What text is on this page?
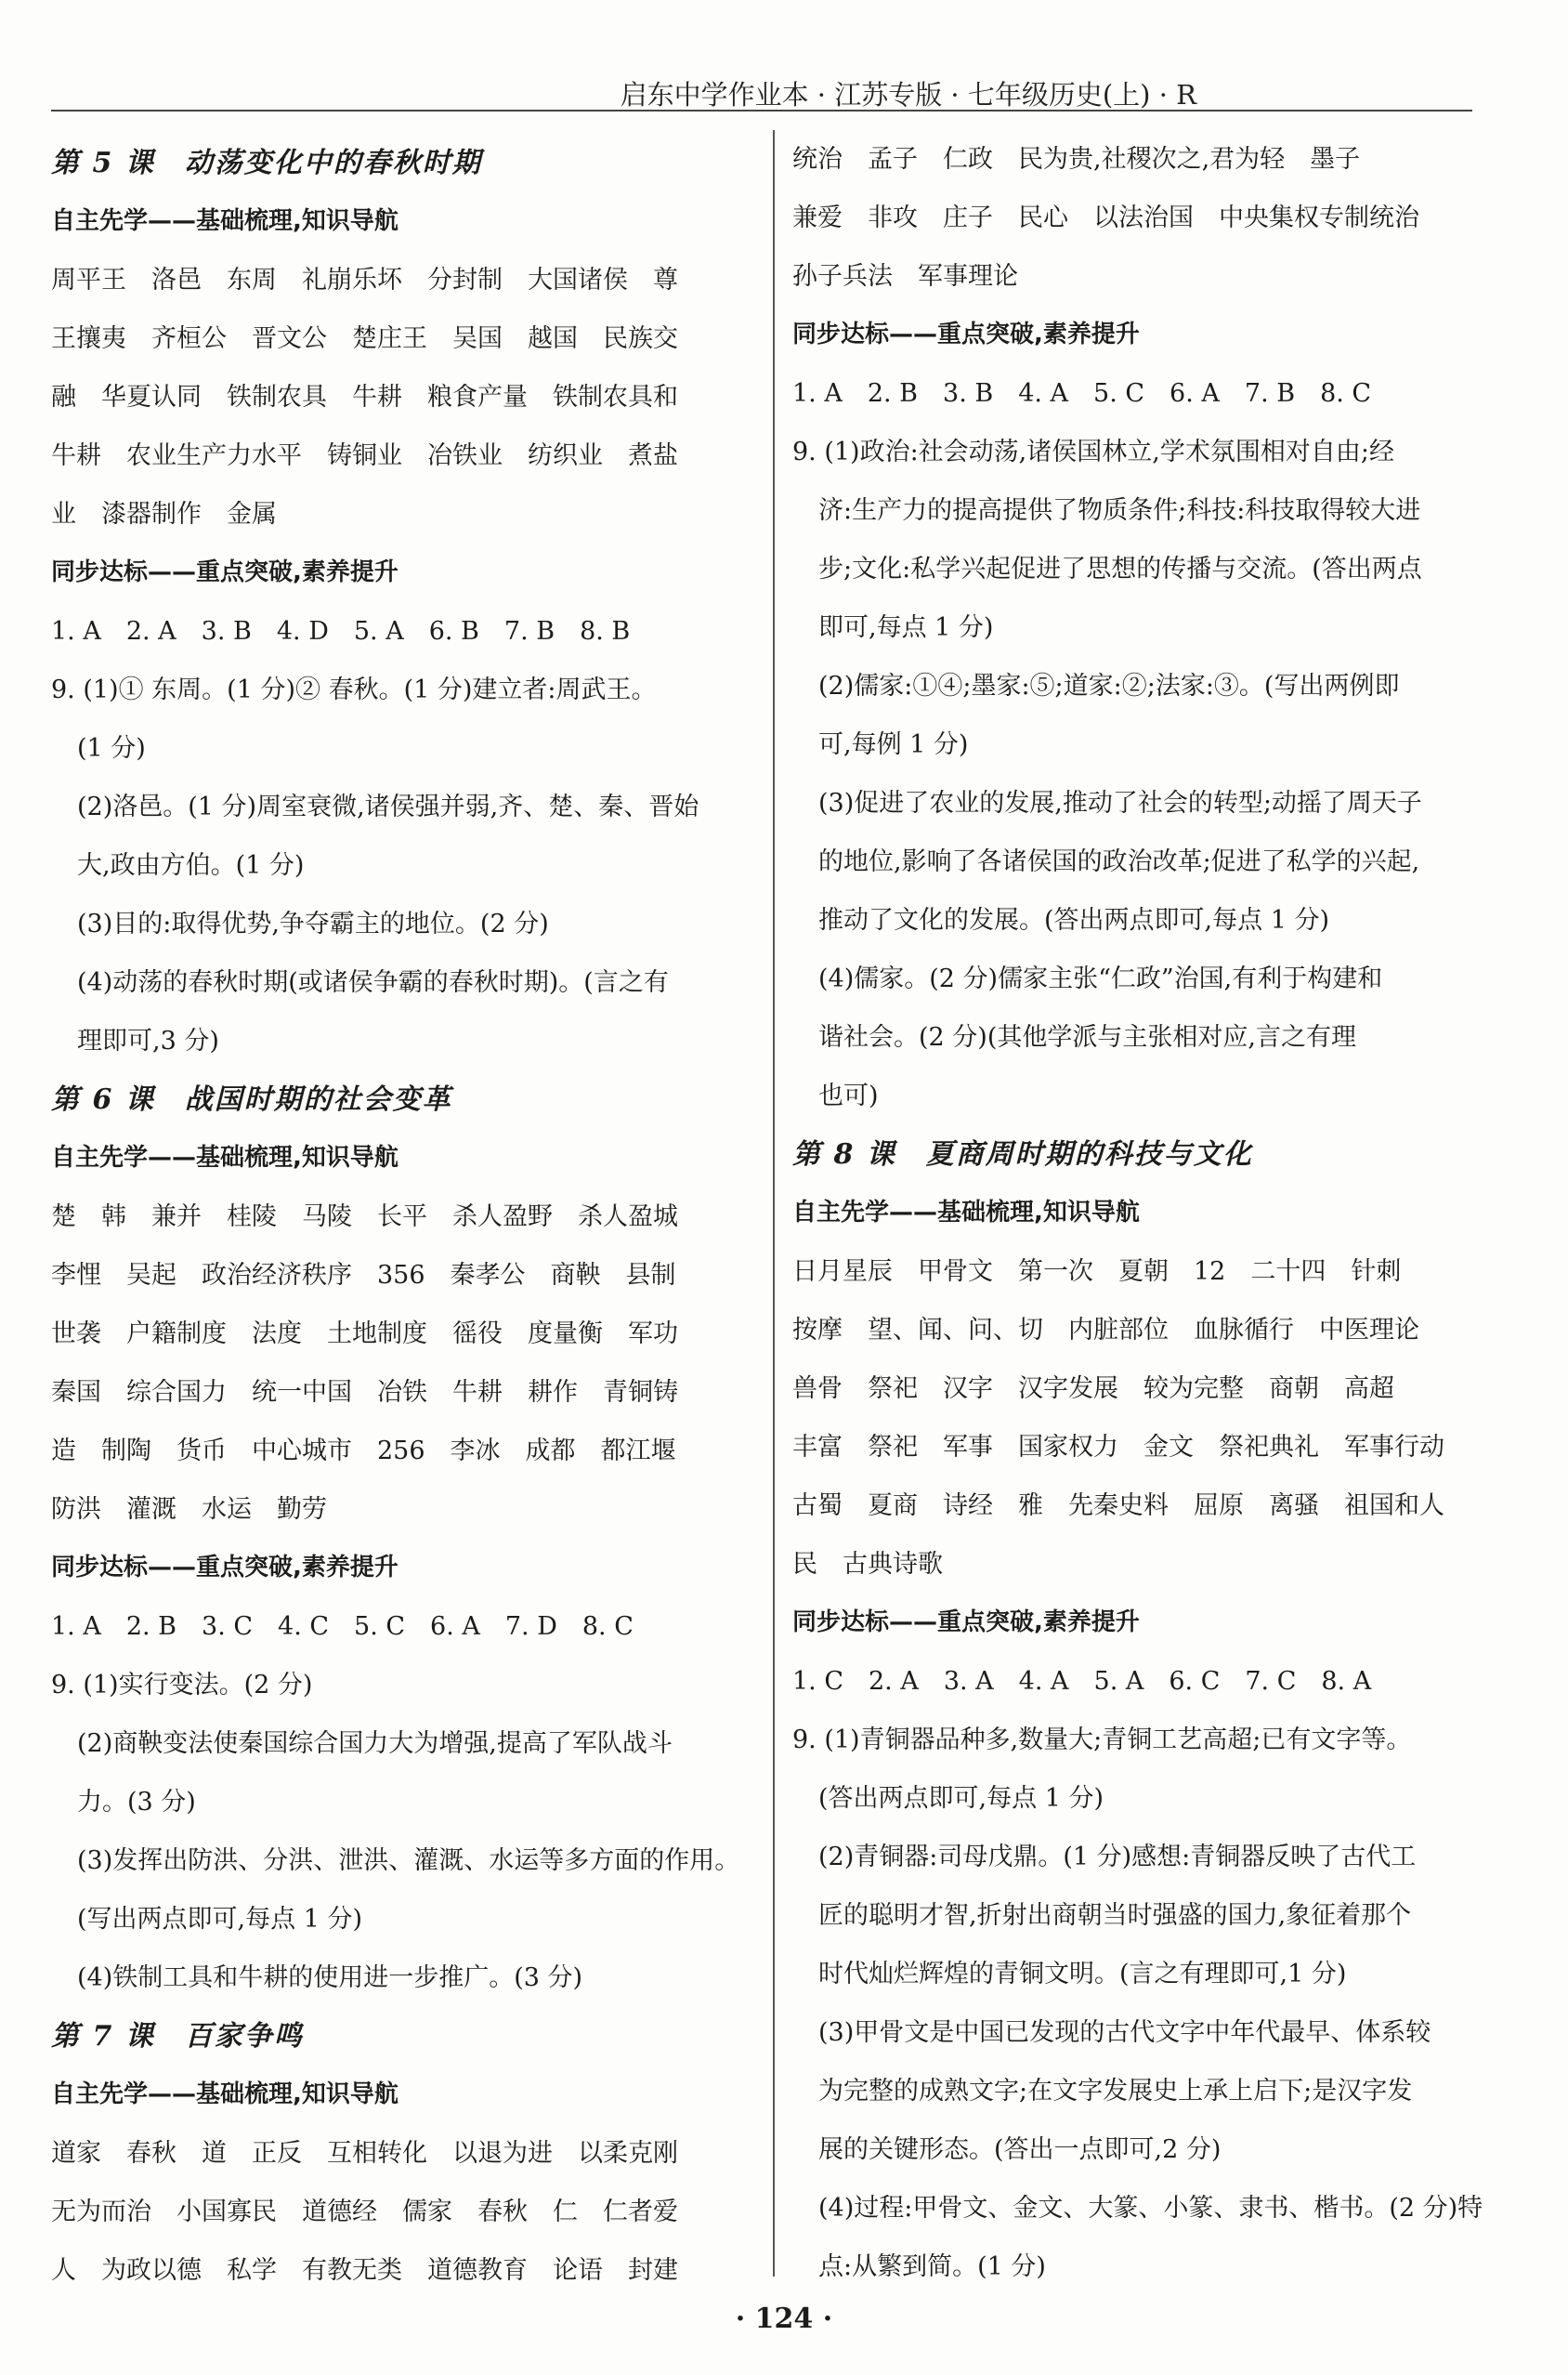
启东中学作业本 · 江苏专版 · 七年级历史(上) · R
第 5 课　动荡变化中的春秋时期
自主先学——基础梳理,知识导航
周平王　洛邑　东周　礼崩乐坏　分封制　大国诸侯　尊
王攘夷　齐桓公　晋文公　楚庄王　吴国　越国　民族交
融　华夏认同　铁制农具　牛耕　粮食产量　铁制农具和
牛耕　农业生产力水平　铸铜业　冶铁业　纺织业　煮盐
业　漆器制作　金属
同步达标——重点突破,素养提升
1. A　2. A　3. B　4. D　5. A　6. B　7. B　8. B
9. (1)① 东周。(1 分)② 春秋。(1 分)建立者:周武王。
(1 分)
(2)洛邑。(1 分)周室衰微,诸侯强并弱,齐、楚、秦、晋始
大,政由方伯。(1 分)
(3)目的:取得优势,争夺霸主的地位。(2 分)
(4)动荡的春秋时期(或诸侯争霸的春秋时期)。(言之有
理即可,3 分)
第 6 课　战国时期的社会变革
自主先学——基础梳理,知识导航
楚　韩　兼并　桂陵　马陵　长平　杀人盈野　杀人盈城
李悝　吴起　政治经济秩序　356　秦孝公　商鞅　县制
世袭　户籍制度　法度　土地制度　徭役　度量衡　军功
秦国　综合国力　统一中国　冶铁　牛耕　耕作　青铜铸
造　制陶　货币　中心城市　256　李冰　成都　都江堰
防洪　灌溉　水运　勤劳
同步达标——重点突破,素养提升
1. A　2. B　3. C　4. C　5. C　6. A　7. D　8. C
9. (1)实行变法。(2 分)
(2)商鞅变法使秦国综合国力大为增强,提高了军队战斗
力。(3 分)
(3)发挥出防洪、分洪、泄洪、灌溉、水运等多方面的作用。
(写出两点即可,每点 1 分)
(4)铁制工具和牛耕的使用进一步推广。(3 分)
第 7 课　百家争鸣
自主先学——基础梳理,知识导航
道家　春秋　道　正反　互相转化　以退为进　以柔克刚
无为而治　小国寡民　道德经　儒家　春秋　仁　仁者爱
人　为政以德　私学　有教无类　道德教育　论语　封建
统治　孟子　仁政　民为贵,社稷次之,君为轻　墨子
兼爱　非攻　庄子　民心　以法治国　中央集权专制统治
孙子兵法　军事理论
同步达标——重点突破,素养提升
1. A　2. B　3. B　4. A　5. C　6. A　7. B　8. C
9. (1)政治:社会动荡,诸侯国林立,学术氛围相对自由;经
济:生产力的提高提供了物质条件;科技:科技取得较大进
步;文化:私学兴起促进了思想的传播与交流。(答出两点
即可,每点 1 分)
(2)儒家:①④;墨家:⑤;道家:②;法家:③。(写出两例即
可,每例 1 分)
(3)促进了农业的发展,推动了社会的转型;动摇了周天子
的地位,影响了各诸侯国的政治改革;促进了私学的兴起,
推动了文化的发展。(答出两点即可,每点 1 分)
(4)儒家。(2 分)儒家主张“仁政”治国,有利于构建和
谐社会。(2 分)(其他学派与主张相对应,言之有理
也可)
第 8 课　夏商周时期的科技与文化
自主先学——基础梳理,知识导航
日月星辰　甲骨文　第一次　夏朝　12　二十四　针刺
按摩　望、闻、问、切　内脏部位　血脉循行　中医理论
兽骨　祭祀　汉字　汉字发展　较为完整　商朝　高超
丰富　祭祀　军事　国家权力　金文　祭祀典礼　军事行动
古蜀　夏商　诗经　雅　先秦史料　屈原　离骚　祖国和人
民　古典诗歌
同步达标——重点突破,素养提升
1. C　2. A　3. A　4. A　5. A　6. C　7. C　8. A
9. (1)青铜器品种多,数量大;青铜工艺高超;已有文字等。
(答出两点即可,每点 1 分)
(2)青铜器:司母戊鼎。(1 分)感想:青铜器反映了古代工
匠的聪明才智,折射出商朝当时强盛的国力,象征着那个
时代灿烂辉煌的青铜文明。(言之有理即可,1 分)
(3)甲骨文是中国已发现的古代文字中年代最早、体系较
为完整的成熟文字;在文字发展史上承上启下;是汉字发
展的关键形态。(答出一点即可,2 分)
(4)过程:甲骨文、金文、大篆、小篆、隶书、楷书。(2 分)特
点:从繁到简。(1 分)
· 124 ·
